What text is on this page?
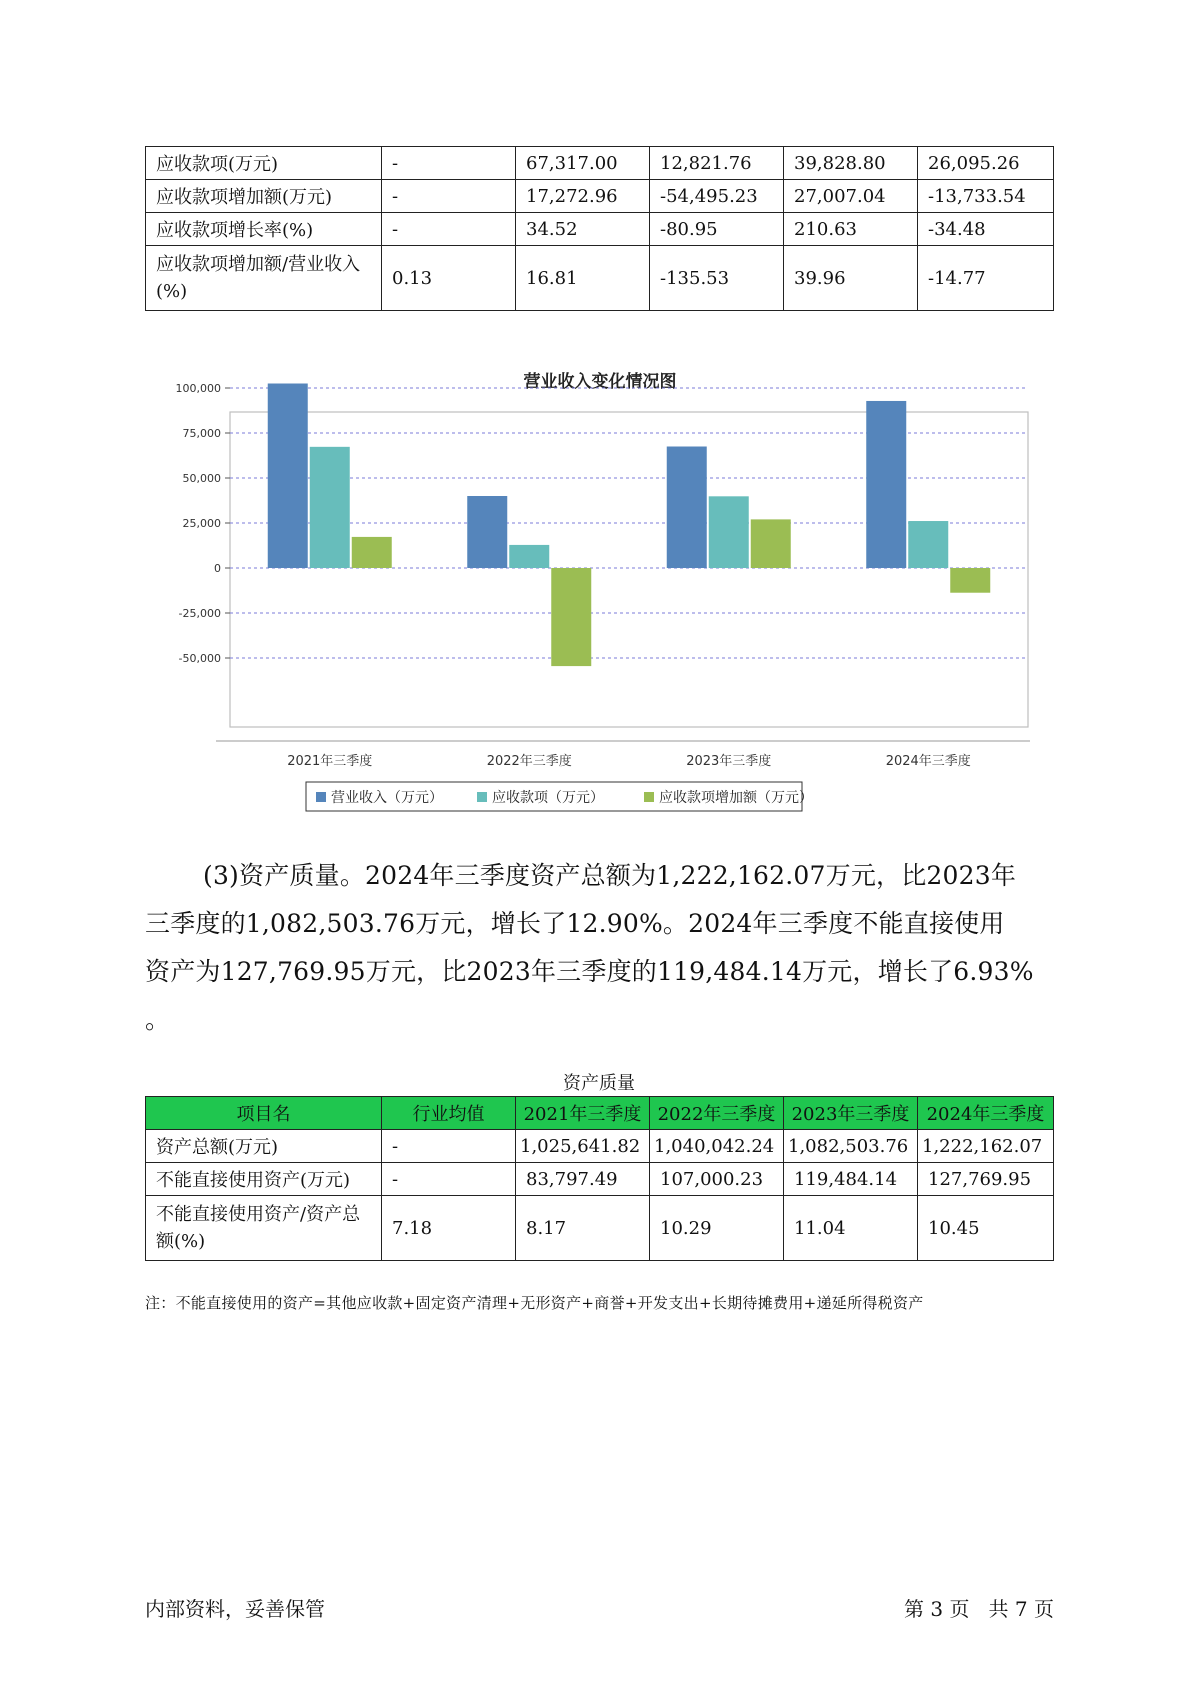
应收款项(万元)	-	67,317.00	12,821.76	39,828.80	26,095.26
应收款项增加额(万元)	-	17,272.96	-54,495.23	27,007.04	-13,733.54
应收款项增长率(%)	-	34.52	-80.95	210.63	-34.48
应收款项增加额/营业收入(%)	0.13	16.81	-135.53	39.96	-14.77
营业收入变化情况图
100,000
75,000
50,000
25,000
0
-25,000
-50,000
2021年三季度	2022年三季度	2023年三季度	2024年三季度
营业收入（万元）	应收款项（万元）	应收款项增加额（万元）

(3)资产质量。2024年三季度资产总额为1,222,162.07万元，比2023年

三季度的1,082,503.76万元，增长了12.90%。2024年三季度不能直接使用

资产为127,769.95万元，比2023年三季度的119,484.14万元，增长了6.93%

。

资产质量
项目名	行业均值	2021年三季度	2022年三季度	2023年三季度	2024年三季度
资产总额(万元)	-	1,025,641.82	1,040,042.24	1,082,503.76	1,222,162.07
不能直接使用资产(万元)	-	83,797.49	107,000.23	119,484.14	127,769.95
不能直接使用资产/资产总额(%)	7.18	8.17	10.29	11.04	10.45
注：不能直接使用的资产=其他应收款+固定资产清理+无形资产+商誉+开发支出+长期待摊费用+递延所得税资产
内部资料，妥善保管	第 3 页   共 7 页
